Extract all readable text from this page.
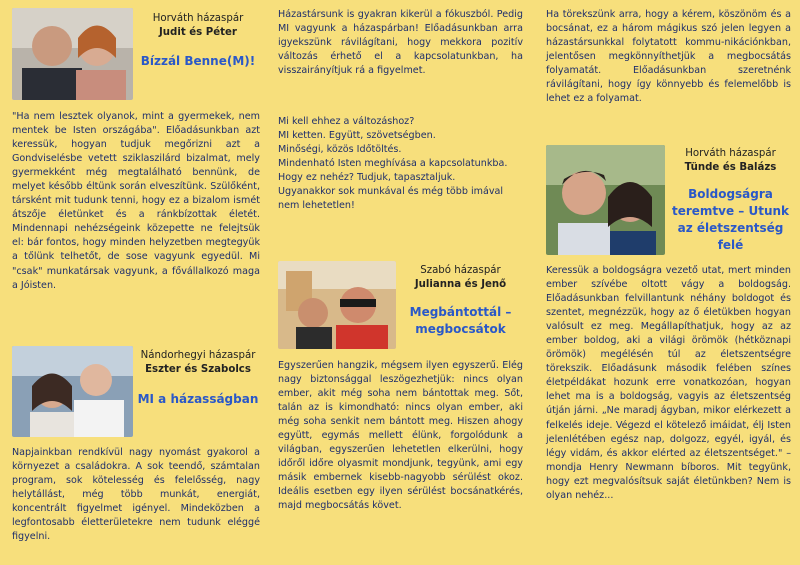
Horváth házaspár
Judit és Péter
Bízzál Benne(M)!

"Ha nem lesztek olyanok, mint a gyermekek, nem mentek be Isten országába". Előadásunkban azt keressük, hogyan tudjuk megőrizni azt a Gondviselésbe vetett sziklaszilárd bizalmat, mely gyermekként még megtalálható bennünk, de melyet később éltünk során elveszítünk. Szülőként, társként mit tudunk tenni, hogy ez a bizalom ismét átszője életünket és a ránkbízottak életét. Mindennapi nehézségeink közepette ne felejtsük el: bár fontos, hogy minden helyzetben megtegyük a tőlünk telhetőt, de sose vagyunk egyedül. Mi "csak" munkatársak vagyunk, a fővállalkozó maga a Jóisten.

Nándorhegyi házaspár
Eszter és Szabolcs
MI a házasságban

Napjainkban rendkívül nagy nyomást gyakorol a környezet a családokra. A sok teendő, számtalan program, sok kötelesség és felelősség, nagy helytállást, még több munkát, energiát, koncentrált figyelmet igényel. Mindeközben a legfontosabb életterületekre nem tudunk eléggé figyelni.

Házastársunk is gyakran kikerül a fókuszból. Pedig MI vagyunk a házaspárban! Előadásunkban arra igyekszünk rávilágítani, hogy mekkora pozitív változás érhető el a kapcsolatunkban, ha visszairányítjuk rá a figyelmet.

Mi kell ehhez a változáshoz?
MI ketten. Együtt, szövetségben.
Minőségi, közös Időtöltés.
Mindenható Isten meghívása a kapcsolatunkba.
Hogy ez nehéz? Tudjuk, tapasztaljuk.
Ugyanakkor sok munkával és még több imával nem lehetetlen!

Szabó házaspár
Julianna és Jenő
Megbántottál – megbocsátok

Egyszerűen hangzik, mégsem ilyen egyszerű. Elég nagy biztonsággal leszögezhetjük: nincs olyan ember, akit még soha nem bántottak meg. Sőt, talán az is kimondható: nincs olyan ember, aki még soha senkit nem bántott meg. Hiszen ahogy együtt, egymás mellett élünk, forgolódunk a világban, egyszerűen lehetetlen elkerülni, hogy időről időre olyasmit mondjunk, tegyünk, ami egy másik embernek kisebb-nagyobb sérülést okoz. Ideális esetben egy ilyen sérülést bocsánatkérés, majd megbocsátás követ.

Ha törekszünk arra, hogy a kérem, köszönöm és a bocsánat, ez a három mágikus szó jelen legyen a házastársunkkal folytatott kommu-nikációnkban, jelentősen megkönnyíthetjük a megbocsátás folyamatát. Előadásunkban szeretnénk rávilágítani, hogy így könnyebb és felemelőbb is lehet ez a folyamat.

Horváth házaspár
Tünde és Balázs
Boldogságra teremtve – Utunk az életszentség felé

Keressük a boldogságra vezető utat, mert minden ember szívébe oltott vágy a boldogság. Előadásunkban felvillantunk néhány boldogot és szentet, megnézzük, hogy az ő életükben hogyan valósult ez meg. Megállapíthatjuk, hogy az az ember boldog, aki a világi örömök (hétköznapi örömök) megélésén túl az életszentségre törekszik. Előadásunk második felében színes életpéldákat hozunk erre vonatkozóan, hogyan lehet ma is a boldogság, vagyis az életszentség útján járni. „Ne maradj ágyban, mikor elérkezett a felkelés ideje. Végezd el kötelező imáidat, élj Isten jelenlétében egész nap, dolgozz, egyél, igyál, és légy vidám, és akkor elérted az életszentséget." – mondja Henry Newmann bíboros. Mit tegyünk, hogy ezt megvalósítsuk saját életünkben? Nem is olyan nehéz...
